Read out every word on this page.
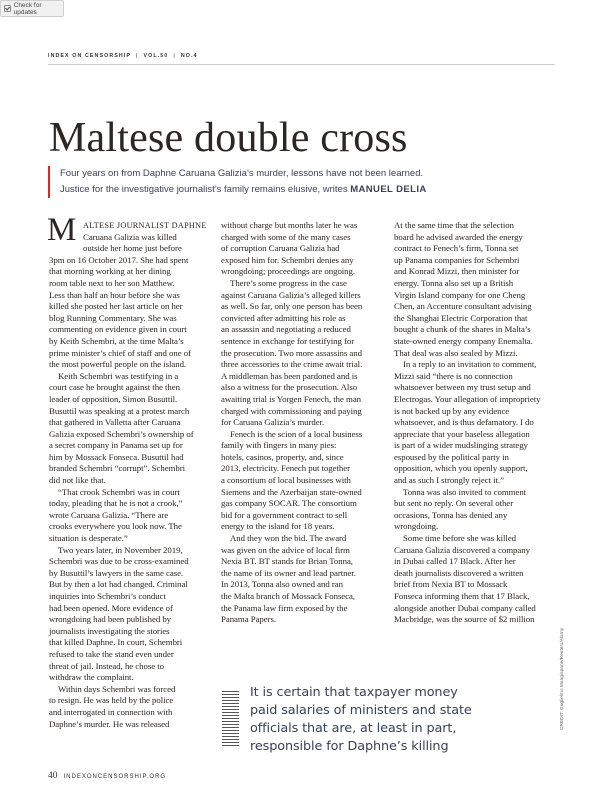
Check for updates
INDEX ON CENSORSHIP | VOL.50 | NO.4
Maltese double cross
Four years on from Daphne Caruana Galizia’s murder, lessons have not been learned.
Justice for the investigative journalist’s family remains elusive, writes MANUEL DELIA
M ALTESE JOURNALIST DAPHNE
Caruana Galizia was killed
outside her home just before
3pm on 16 October 2017. She had spent
that morning working at her dining
room table next to her son Matthew.
Less than half an hour before she was
killed she posted her last article on her
blog Running Commentary. She was
commenting on evidence given in court
by Keith Schembri, at the time Malta’s
prime minister’s chief of staff and one of
the most powerful people on the island.
Keith Schembri was testifying in a
court case he brought against the then
leader of opposition, Simon Busuttil.
Busuttil was speaking at a protest march
that gathered in Valletta after Caruana
Galizia exposed Schembri’s ownership of
a secret company in Panama set up for
him by Mossack Fonseca. Busuttil had
branded Schembri “corrupt”. Schembri
did not like that.
“That crook Schembri was in court
today, pleading that he is not a crook,”
wrote Caruana Galizia. “There are
crooks everywhere you look now. The
situation is desperate.”
Two years later, in November 2019,
Schembri was due to be cross-examined
by Busuttil’s lawyers in the same case.
But by then a lot had changed. Criminal
inquiries into Schembri’s conduct
had been opened. More evidence of
wrongdoing had been published by
journalists investigating the stories
that killed Daphne. In court, Schembri
refused to take the stand even under
threat of jail. Instead, he chose to
withdraw the complaint.
Within days Schembri was forced
to resign. He was held by the police
and interrogated in connection with
Daphne’s murder. He was released
without charge but months later he was
charged with some of the many cases
of corruption Caruana Galizia had
exposed him for. Schembri denies any
wrongdoing; proceedings are ongoing.
There’s some progress in the case
against Caruana Galizia’s alleged killers
as well. So far, only one person has been
convicted after admitting his role as
an assassin and negotiating a reduced
sentence in exchange for testifying for
the prosecution. Two more assassins and
three accessories to the crime await trial.
A middleman has been pardoned and is
also a witness for the prosecution. Also
awaiting trial is Yorgen Fenech, the man
charged with commissioning and paying
for Caruana Galizia’s murder.
Fenech is the scion of a local business
family with fingers in many pies:
hotels, casinos, property, and, since
2013, electricity. Fenech put together
a consortium of local businesses with
Siemens and the Azerbaijan state-owned
gas company SOCAR. The consortium
bid for a government contract to sell
energy to the island for 18 years.
And they won the bid. The award
was given on the advice of local firm
Nexia BT. BT stands for Brian Tonna,
the name of its owner and lead partner.
In 2013, Tonna also owned and ran
the Malta branch of Mossack Fonseca,
the Panama law firm exposed by the
Panama Papers.
At the same time that the selection
board he advised awarded the energy
contract to Fenech’s firm, Tonna set
up Panama companies for Schembri
and Konrad Mizzi, then minister for
energy. Tonna also set up a British
Virgin Island company for one Cheng
Chen, an Accenture consultant advising
the Shanghai Electric Corporation that
bought a chunk of the shares in Malta’s
state-owned energy company Enemalta.
That deal was also sealed by Mizzi.
In a reply to an invitation to comment,
Mizzi said “there is no connection
whatsoever between my trust setup and
Electrogas. Your allegation of impropriety
is not backed up by any evidence
whatsoever, and is thus defamatory. I do
appreciate that your baseless allegation
is part of a wider mudslinging strategy
espoused by the political party in
opposition, which you openly support,
and as such I strongly reject it.”
Tonna was also invited to comment
but sent no reply. On several other
occasions, Tonna has denied any
wrongdoing.
Some time before she was killed
Caruana Galizia discovered a company
in Dubai called 17 Black. After her
death journalists discovered a written
brief from Nexia BT to Mossack
Fonseca informing them that 17 Black,
alongside another Dubai company called
Macbridge, was the source of $2 million
It is certain that taxpayer money
paid salaries of ministers and state
officials that are, at least in part,
responsible for Daphne’s killing
CREDIT: Guglielmo Mangiapane/Reuters/Alamy
40 INDEXONCENSORSHIP.ORG
